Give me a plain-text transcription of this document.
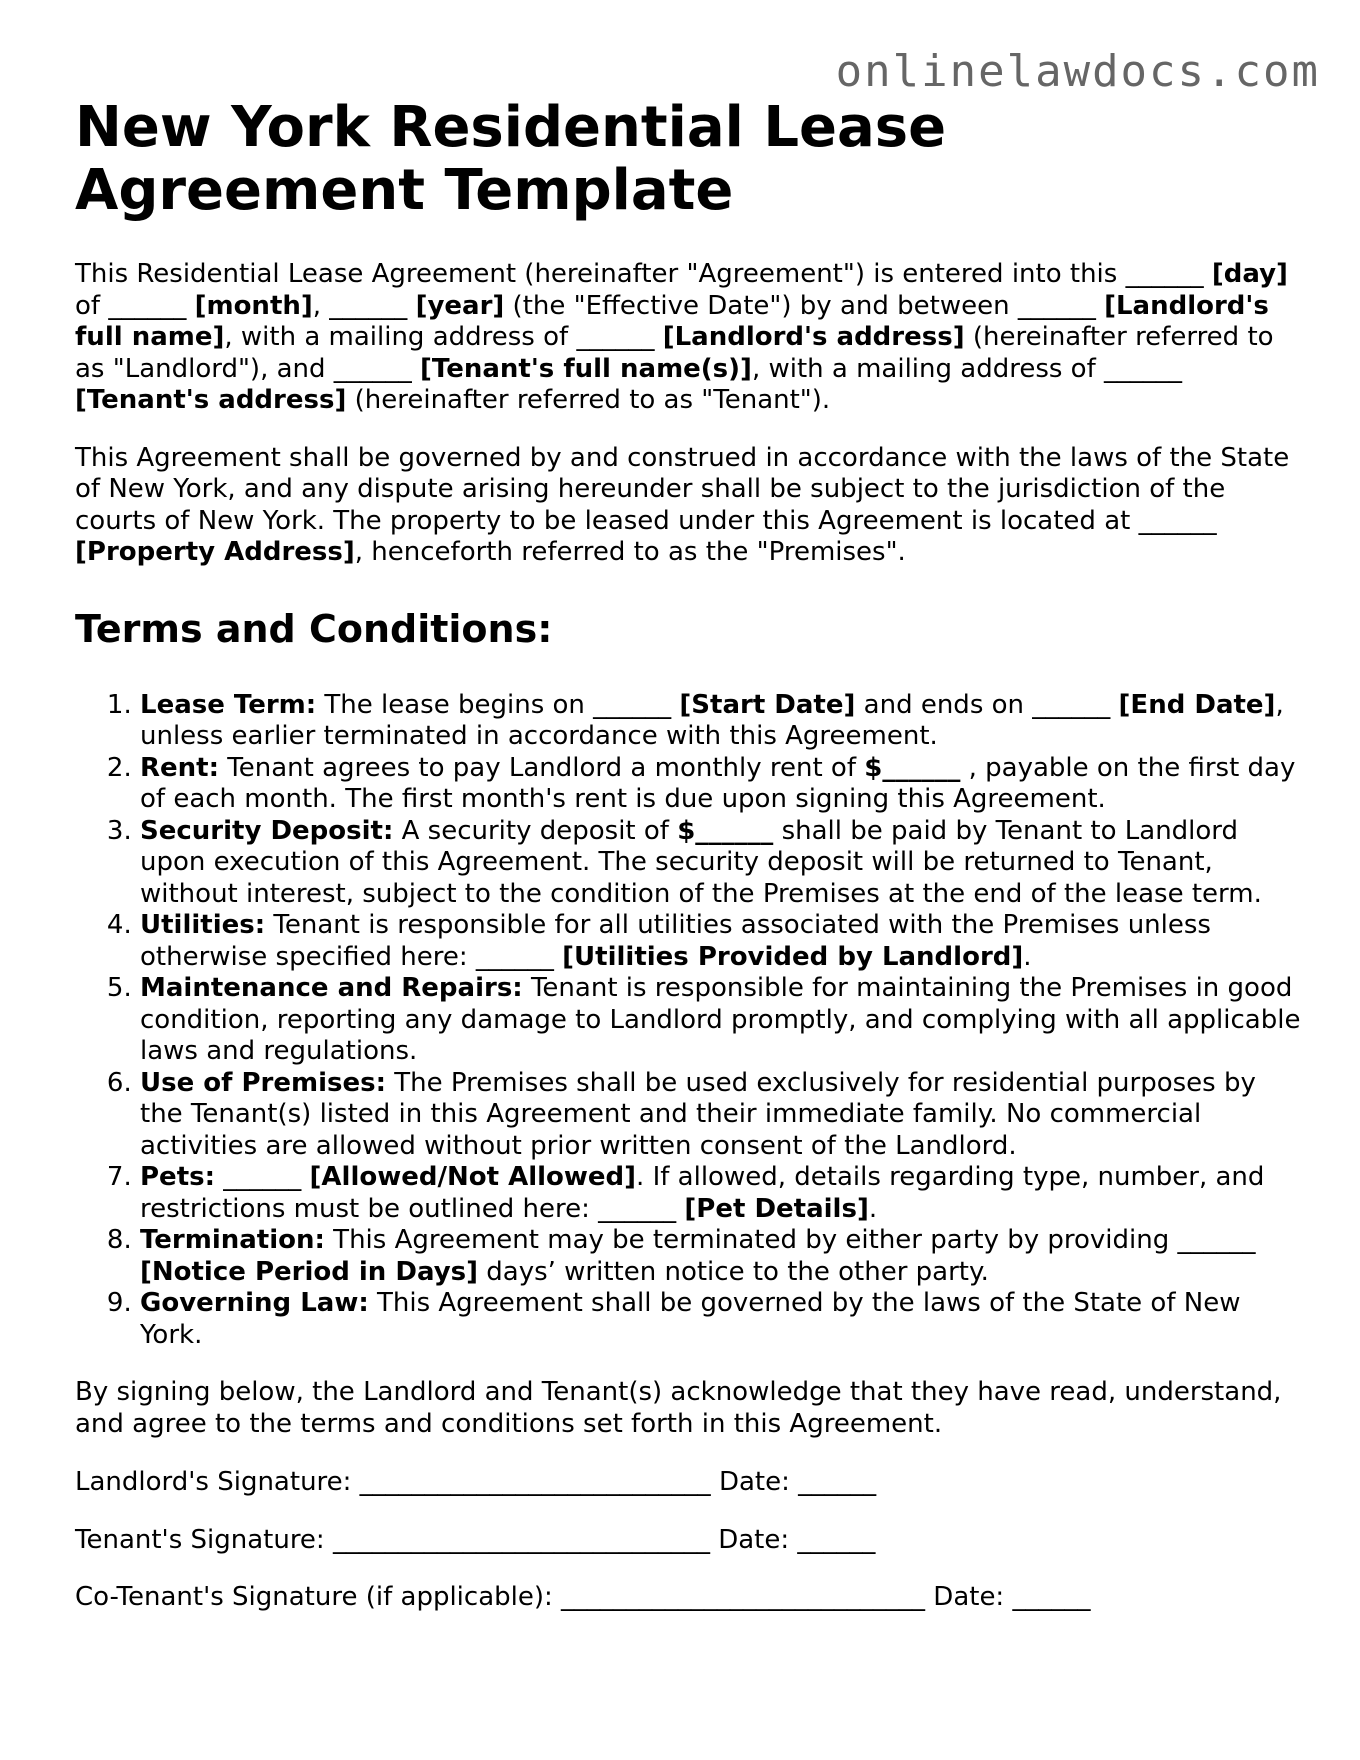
onlinelawdocs.com
New York Residential Lease Agreement Template

This Residential Lease Agreement (hereinafter "Agreement") is entered into this ______ [day] of ______ [month], ______ [year] (the "Effective Date") by and between ______ [Landlord's full name], with a mailing address of ______ [Landlord's address] (hereinafter referred to as "Landlord"), and ______ [Tenant's full name(s)], with a mailing address of ______ [Tenant's address] (hereinafter referred to as "Tenant").

This Agreement shall be governed by and construed in accordance with the laws of the State of New York, and any dispute arising hereunder shall be subject to the jurisdiction of the courts of New York. The property to be leased under this Agreement is located at ______ [Property Address], henceforth referred to as the "Premises".

Terms and Conditions:
1. Lease Term: The lease begins on ______ [Start Date] and ends on ______ [End Date], unless earlier terminated in accordance with this Agreement.
2. Rent: Tenant agrees to pay Landlord a monthly rent of $______ , payable on the first day of each month. The first month's rent is due upon signing this Agreement.
3. Security Deposit: A security deposit of $______ shall be paid by Tenant to Landlord upon execution of this Agreement. The security deposit will be returned to Tenant, without interest, subject to the condition of the Premises at the end of the lease term.
4. Utilities: Tenant is responsible for all utilities associated with the Premises unless otherwise specified here: ______ [Utilities Provided by Landlord].
5. Maintenance and Repairs: Tenant is responsible for maintaining the Premises in good condition, reporting any damage to Landlord promptly, and complying with all applicable laws and regulations.
6. Use of Premises: The Premises shall be used exclusively for residential purposes by the Tenant(s) listed in this Agreement and their immediate family. No commercial activities are allowed without prior written consent of the Landlord.
7. Pets: ______ [Allowed/Not Allowed]. If allowed, details regarding type, number, and restrictions must be outlined here: ______ [Pet Details].
8. Termination: This Agreement may be terminated by either party by providing ______ [Notice Period in Days] days’ written notice to the other party.
9. Governing Law: This Agreement shall be governed by the laws of the State of New York.

By signing below, the Landlord and Tenant(s) acknowledge that they have read, understand, and agree to the terms and conditions set forth in this Agreement.

Landlord's Signature: ___________________________ Date: ______

Tenant's Signature: _____________________________ Date: ______

Co-Tenant's Signature (if applicable): ____________________________ Date: ______
